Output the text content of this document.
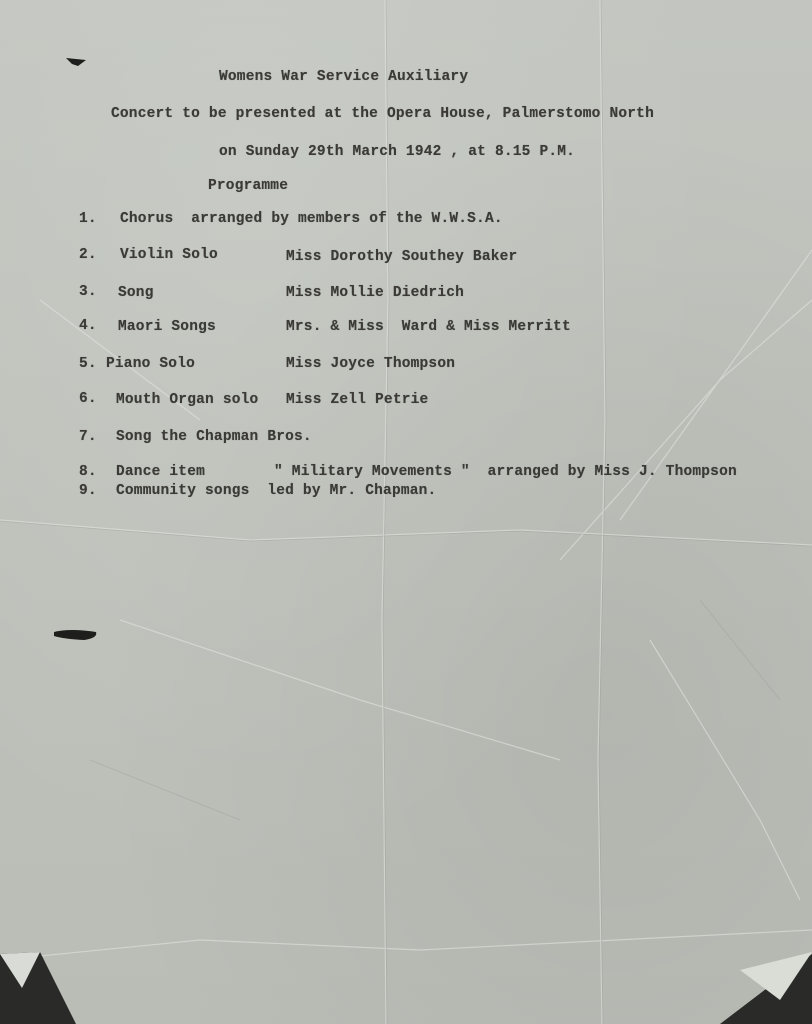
Womens War Service Auxiliary
Concert to be presented at the Opera House, Palmerstomo North
on Sunday 29th March 1942 , at 8.15 P.M.
Programme
1. Chorus  arranged by members of the W.W.S.A.
2. Violin Solo	Miss Dorothy Southey Baker
3. Song	Miss Mollie Diedrich
4. Maori Songs	Mrs. & Miss  Ward & Miss Merritt
5. Piano Solo	Miss Joyce Thompson
6. Mouth Organ solo Miss Zell Petrie
7. Song the Chapman Bros.
8. Dance item	" Military Movements "  arranged by Miss J. Thompson
9. Community songs  led by Mr. Chapman.
